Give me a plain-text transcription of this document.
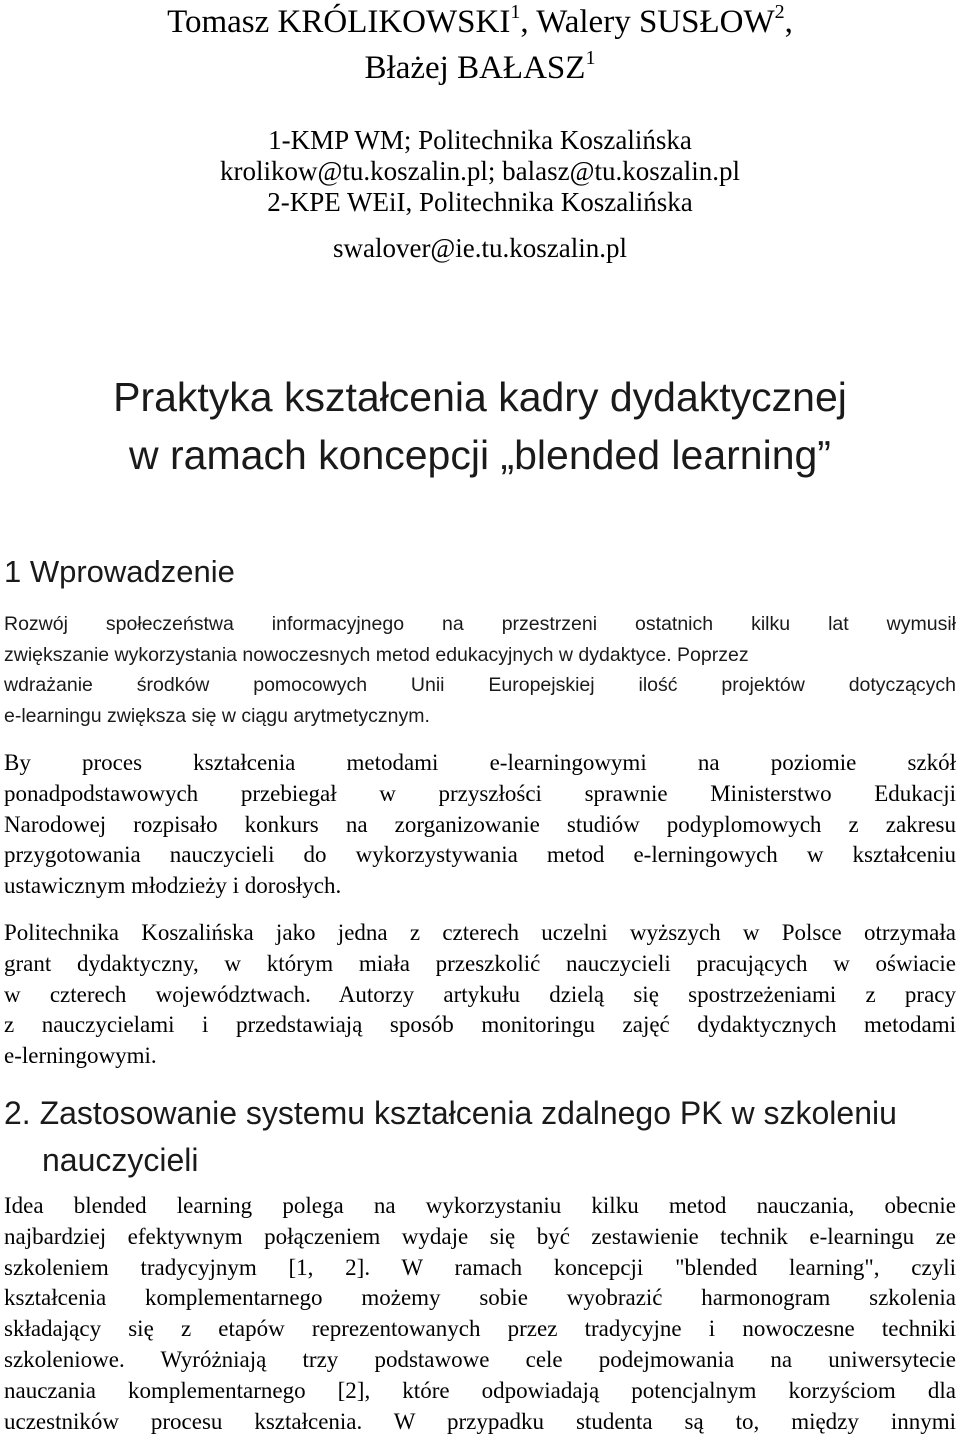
Tomasz KRÓLIKOWSKI$^1$, Walery SUSŁOW$^2$,
Błażej BAŁASZ$^1$
1-KMP WM; Politechnika Koszalińska
krolikow@tu.koszalin.pl; balasz@tu.koszalin.pl
2-KPE WEiI, Politechnika Koszalińska
swalover@ie.tu.koszalin.pl
Praktyka kształcenia kadry dydaktycznej
w ramach koncepcji „blended learning”
1 Wprowadzenie
Rozwój społeczeństwa informacyjnego na przestrzeni ostatnich kilku lat wymusił
zwiększanie wykorzystania nowoczesnych metod edukacyjnych w dydaktyce. Poprzez
wdrażanie środków pomocowych Unii Europejskiej ilość projektów dotyczących
e-learningu zwiększa się w ciągu arytmetycznym.
By proces kształcenia metodami e-learningowymi na poziomie szkół
ponadpodstawowych przebiegał w przyszłości sprawnie Ministerstwo Edukacji
Narodowej rozpisało konkurs na zorganizowanie studiów podyplomowych z zakresu
przygotowania nauczycieli do wykorzystywania metod e-lerningowych w kształceniu
ustawicznym młodzieży i dorosłych.
Politechnika Koszalińska jako jedna z czterech uczelni wyższych w Polsce otrzymała
grant dydaktyczny, w którym miała przeszkolić nauczycieli pracujących w oświacie
w czterech województwach. Autorzy artykułu dzielą się spostrzeżeniami z pracy
z nauczycielami i przedstawiają sposób monitoringu zajęć dydaktycznych metodami
e-lerningowymi.
2. Zastosowanie systemu kształcenia zdalnego PK w szkoleniu
nauczycieli
Idea blended learning polega na wykorzystaniu kilku metod nauczania, obecnie
najbardziej efektywnym połączeniem wydaje się być zestawienie technik e-learningu ze
szkoleniem tradycyjnym [1, 2]. W ramach koncepcji "blended learning", czyli
kształcenia komplementarnego możemy sobie wyobrazić harmonogram szkolenia
składający się z etapów reprezentowanych przez tradycyjne i nowoczesne techniki
szkoleniowe. Wyróżniają trzy podstawowe cele podejmowania na uniwersytecie
nauczania komplementarnego [2], które odpowiadają potencjalnym korzyściom dla
uczestników procesu kształcenia. W przypadku studenta są to, między innymi
